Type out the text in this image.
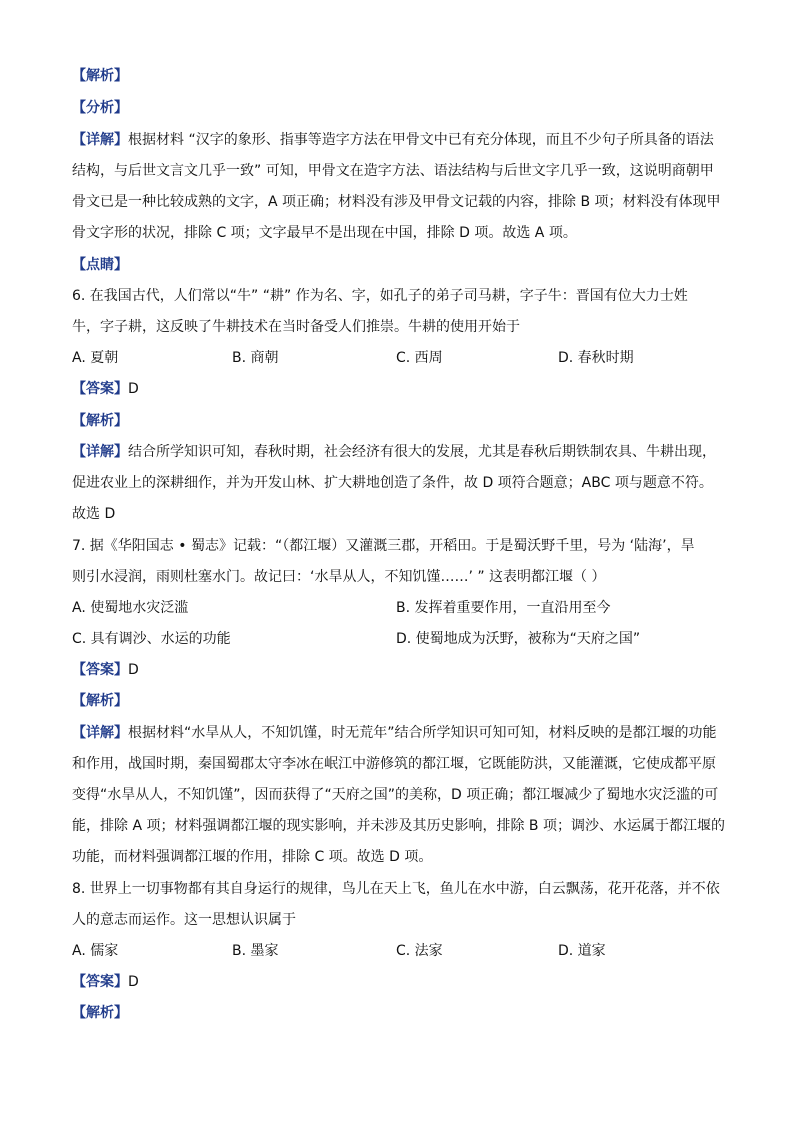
【解析】
【分析】
【详解】根据材料 “汉字的象形、指事等造字方法在甲骨文中已有充分体现，而且不少句子所具备的语法
结构，与后世文言文几乎一致” 可知，甲骨文在造字方法、语法结构与后世文字几乎一致，这说明商朝甲
骨文已是一种比较成熟的文字，A 项正确；材料没有涉及甲骨文记载的内容，排除 B 项；材料没有体现甲
骨文字形的状况，排除 C 项；文字最早不是出现在中国，排除 D 项。故选 A 项。
【点睛】
6. 在我国古代，人们常以“牛” “耕” 作为名、字，如孔子的弟子司马耕，字子牛：晋国有位大力士姓
牛，字子耕，这反映了牛耕技术在当时备受人们推崇。牛耕的使用开始于
A. 夏朝	B. 商朝	C. 西周	D. 春秋时期
【答案】D
【解析】
【详解】结合所学知识可知，春秋时期，社会经济有很大的发展，尤其是春秋后期铁制农具、牛耕出现，
促进农业上的深耕细作，并为开发山林、扩大耕地创造了条件，故 D 项符合题意；ABC 项与题意不符。
故选 D
7. 据《华阳国志 • 蜀志》记载：“（都江堰）又灌溉三郡，开稻田。于是蜀沃野千里，号为 ‘陆海’，旱
则引水浸润，雨则杜塞水门。故记曰：‘水旱从人，不知饥馑……’ ” 这表明都江堰（ ）
A. 使蜀地水灾泛滥	B. 发挥着重要作用，一直沿用至今
C. 具有调沙、水运的功能	D. 使蜀地成为沃野，被称为“天府之国”
【答案】D
【解析】
【详解】根据材料“水旱从人，不知饥馑，时无荒年”结合所学知识可知可知，材料反映的是都江堰的功能
和作用，战国时期，秦国蜀郡太守李冰在岷江中游修筑的都江堰，它既能防洪，又能灌溉，它使成都平原
变得“水旱从人，不知饥馑”，因而获得了“天府之国”的美称，D 项正确；都江堰减少了蜀地水灾泛滥的可
能，排除 A 项；材料强调都江堰的现实影响，并未涉及其历史影响，排除 B 项；调沙、水运属于都江堰的
功能，而材料强调都江堰的作用，排除 C 项。故选 D 项。
8. 世界上一切事物都有其自身运行的规律，鸟儿在天上飞，鱼儿在水中游，白云飘荡，花开花落，并不依
人的意志而运作。这一思想认识属于
A. 儒家	B. 墨家	C. 法家	D. 道家
【答案】D
【解析】
